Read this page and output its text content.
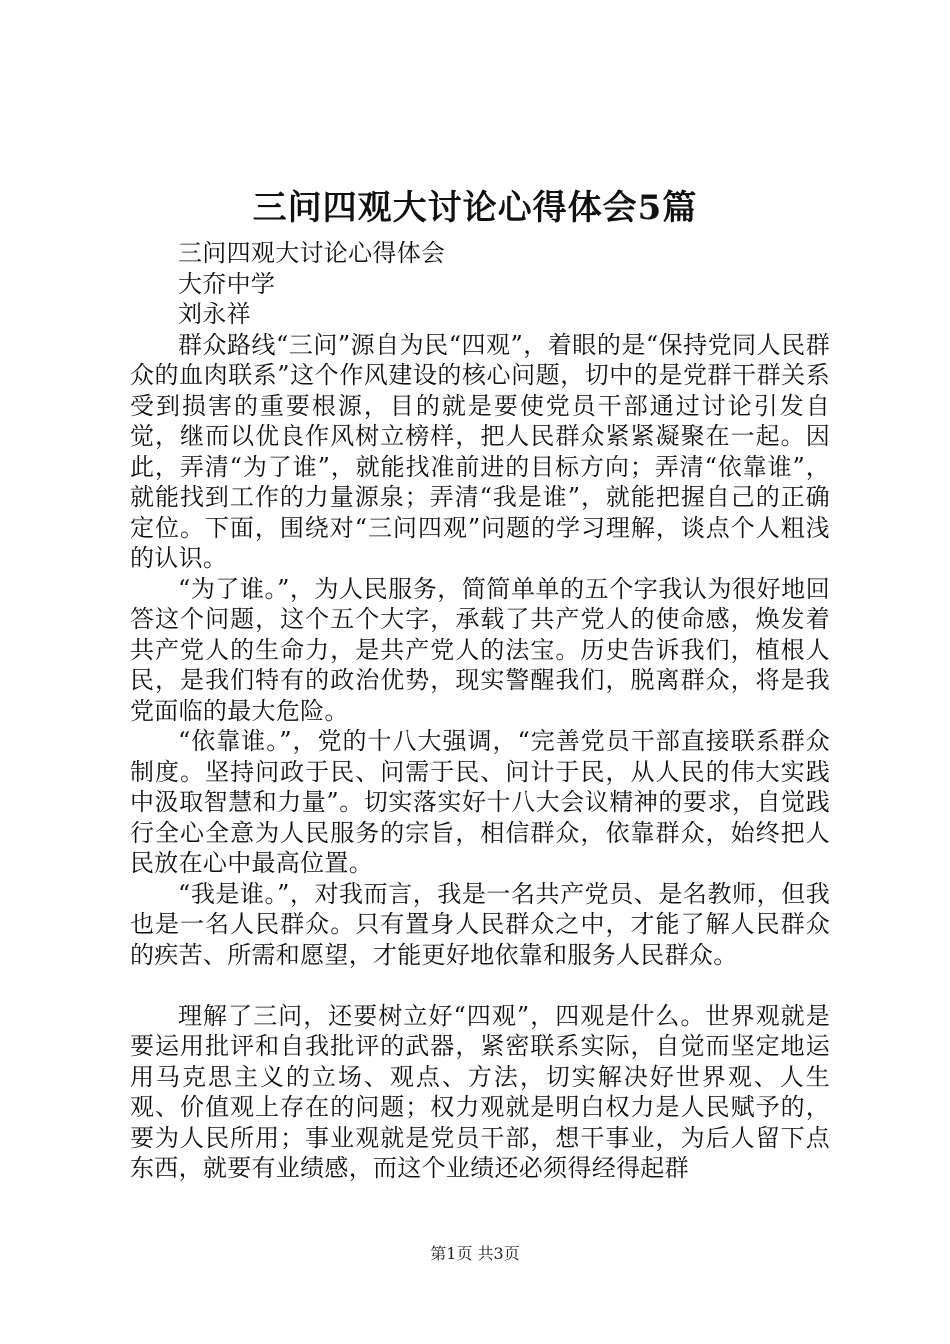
三问四观大讨论心得体会5篇

三问四观大讨论心得体会

大夼中学

刘永祥

群众路线“三问”源自为民“四观”，着眼的是“保持党同人民群众的血肉联系”这个作风建设的核心问题，切中的是党群干群关系受到损害的重要根源，目的就是要使党员干部通过讨论引发自觉，继而以优良作风树立榜样，把人民群众紧紧凝聚在一起。因此，弄清“为了谁”，就能找准前进的目标方向；弄清“依靠谁”，就能找到工作的力量源泉；弄清“我是谁”，就能把握自己的正确定位。下面，围绕对“三问四观”问题的学习理解，谈点个人粗浅的认识。

“为了谁。”，为人民服务，简简单单的五个字我认为很好地回答这个问题，这个五个大字，承载了共产党人的使命感，焕发着共产党人的生命力，是共产党人的法宝。历史告诉我们，植根人民，是我们特有的政治优势，现实警醒我们，脱离群众，将是我党面临的最大危险。

“依靠谁。”，党的十八大强调，“完善党员干部直接联系群众制度。坚持问政于民、问需于民、问计于民，从人民的伟大实践中汲取智慧和力量”。切实落实好十八大会议精神的要求，自觉践行全心全意为人民服务的宗旨，相信群众，依靠群众，始终把人民放在心中最高位置。

“我是谁。”，对我而言，我是一名共产党员、是名教师，但我也是一名人民群众。只有置身人民群众之中，才能了解人民群众的疾苦、所需和愿望，才能更好地依靠和服务人民群众。

理解了三问，还要树立好“四观”，四观是什么。世界观就是要运用批评和自我批评的武器，紧密联系实际，自觉而坚定地运用马克思主义的立场、观点、方法，切实解决好世界观、人生观、价值观上存在的问题；权力观就是明白权力是人民赋予的，要为人民所用；事业观就是党员干部，想干事业，为后人留下点东西，就要有业绩感，而这个业绩还必须得经得起群

第1页 共3页
